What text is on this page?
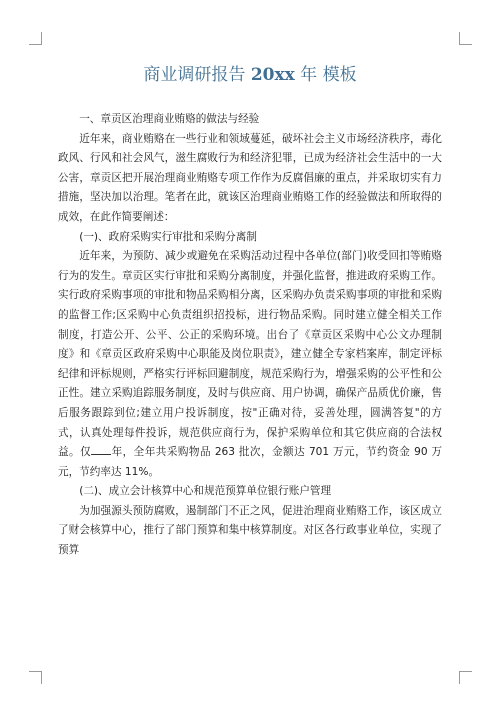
商业调研报告 20xx 年 模板

一、章贡区治理商业贿赂的做法与经验

近年来，商业贿赂在一些行业和领域蔓延，破坏社会主义市场经济秩序，毒化政风、行风和社会风气，滋生腐败行为和经济犯罪，已成为经济社会生活中的一大公害，章贡区把开展治理商业贿赂专项工作作为反腐倡廉的重点，并采取切实有力措施，坚决加以治理。笔者在此，就该区治理商业贿赂工作的经验做法和所取得的成效，在此作简要阐述：

(一)、政府采购实行审批和采购分离制

近年来，为预防、减少或避免在采购活动过程中各单位(部门)收受回扣等贿赂行为的发生。章贡区实行审批和采购分离制度，并强化监督，推进政府采购工作。实行政府采购事项的审批和物品采购相分离，区采购办负责采购事项的审批和采购的监督工作;区采购中心负责组织招投标，进行物品采购。同时建立健全相关工作制度，打造公开、公平、公正的采购环境。出台了《章贡区采购中心公文办理制度》和《章贡区政府采购中心职能及岗位职责》，建立健全专家档案库，制定评标纪律和评标规则，严格实行评标回避制度，规范采购行为，增强采购的公平性和公正性。建立采购追踪服务制度，及时与供应商、用户协调，确保产品质优价廉，售后服务跟踪到位;建立用户投诉制度，按"正确对待，妥善处理，圆满答复"的方式，认真处理每件投诉，规范供应商行为，保护采购单位和其它供应商的合法权益。仅 年，全年共采购物品 263 批次，金额达 701 万元，节约资金 90 万元，节约率达 11%。

(二)、成立会计核算中心和规范预算单位银行账户管理

为加强源头预防腐败，遏制部门不正之风，促进治理商业贿赂工作，该区成立了财会核算中心，推行了部门预算和集中核算制度。对区各行政事业单位，实现了预算
